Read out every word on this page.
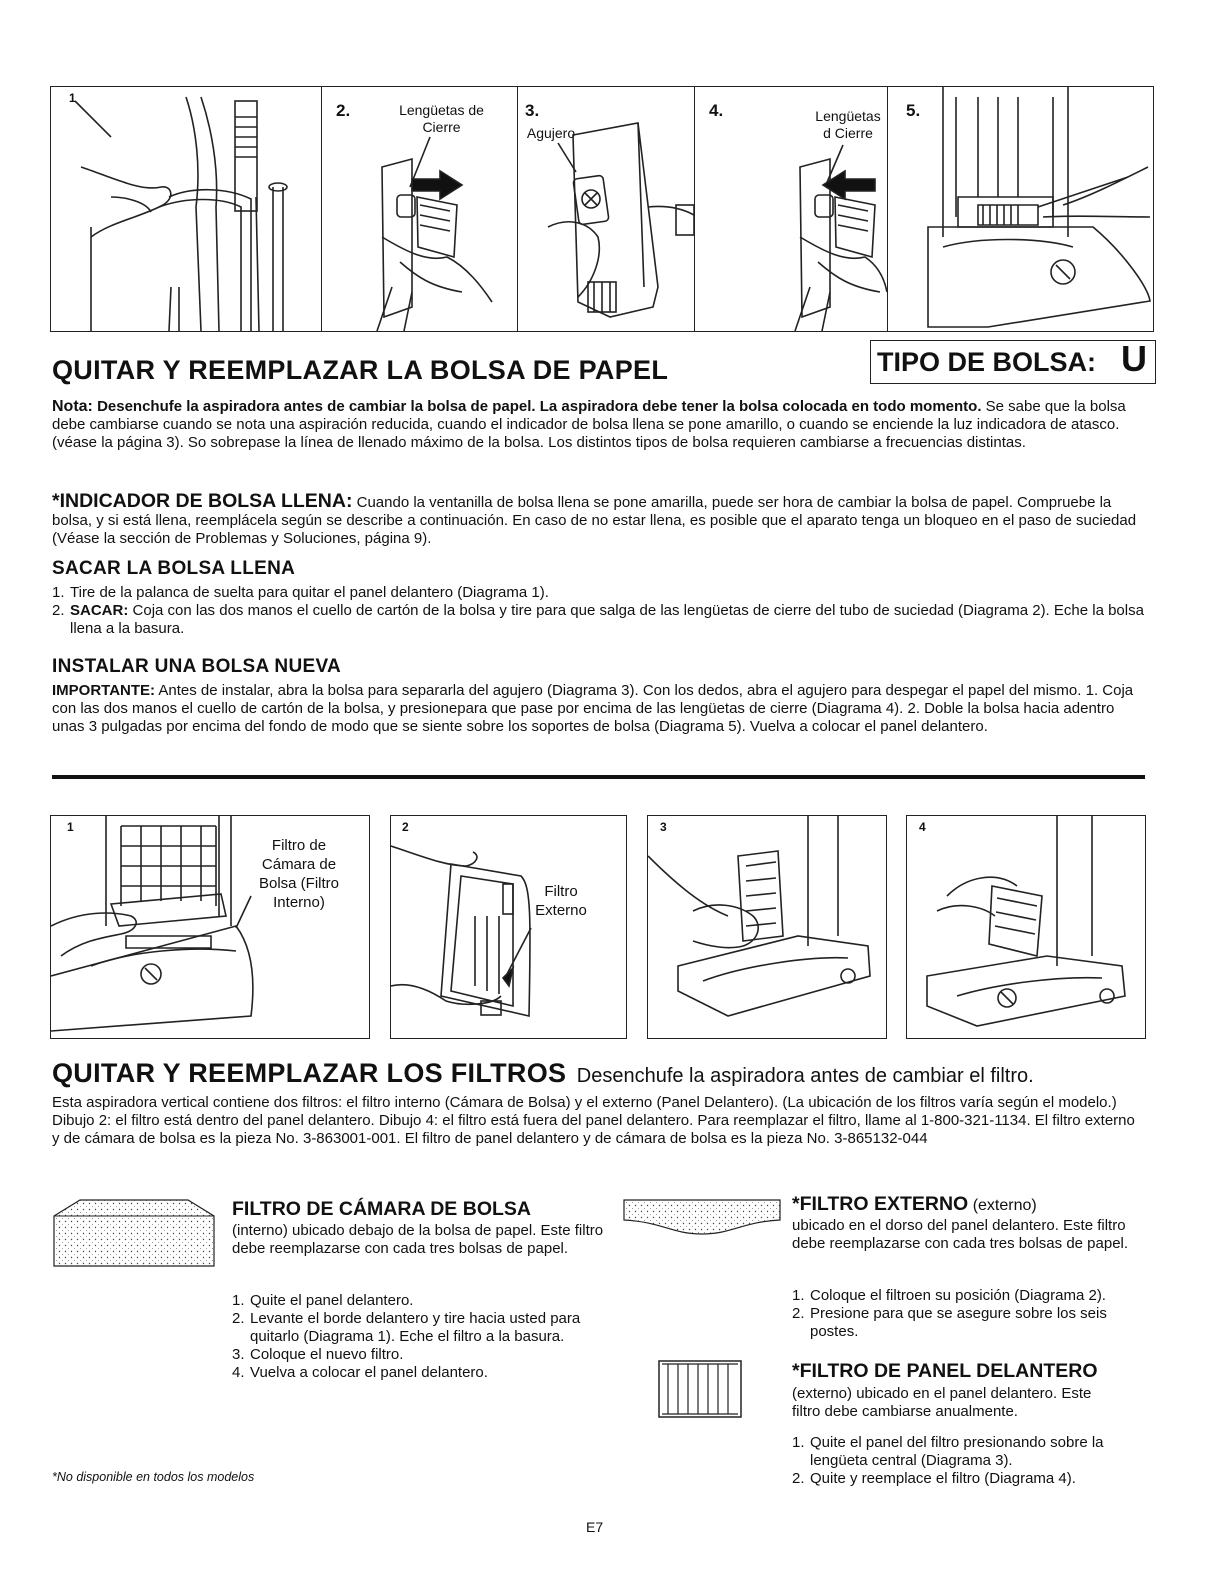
1
2.	Lengüetas de Cierre
3.
Agujero
4.	Lengüetas d Cierre
5.
QUITAR Y REEMPLAZAR LA BOLSA DE PAPEL	TIPO DE BOLSA: U
Nota: Desenchufe la aspiradora antes de cambiar la bolsa de papel. La aspiradora debe tener la bolsa colocada en todo momento. Se sabe que la bolsa debe cambiarse cuando se nota una aspiración reducida, cuando el indicador de bolsa llena se pone amarillo, o cuando se enciende la luz indicadora de atasco. (véase la página 3). So sobrepase la línea de llenado máximo de la bolsa. Los distintos tipos de bolsa requieren cambiarse a frecuencias distintas.
*INDICADOR DE BOLSA LLENA: Cuando la ventanilla de bolsa llena se pone amarilla, puede ser hora de cambiar la bolsa de papel. Compruebe la bolsa, y si está llena, reemplácela según se describe a continuación. En caso de no estar llena, es posible que el aparato tenga un bloqueo en el paso de suciedad (Véase la sección de Problemas y Soluciones, página 9).
SACAR LA BOLSA LLENA
1. Tire de la palanca de suelta para quitar el panel delantero (Diagrama 1).
2. SACAR: Coja con las dos manos el cuello de cartón de la bolsa y tire para que salga de las lengüetas de cierre del tubo de suciedad (Diagrama 2). Eche la bolsa llena a la basura.
INSTALAR UNA BOLSA NUEVA
IMPORTANTE: Antes de instalar, abra la bolsa para separarla del agujero (Diagrama 3). Con los dedos, abra el agujero para despegar el papel del mismo. 1. Coja con las dos manos el cuello de cartón de la bolsa, y presionepara que pase por encima de las lengüetas de cierre (Diagrama 4). 2. Doble la bolsa hacia adentro unas 3 pulgadas por encima del fondo de modo que se siente sobre los soportes de bolsa (Diagrama 5). Vuelva a colocar el panel delantero.
1
Filtro de Cámara de Bolsa (Filtro Interno)
2
Filtro Externo
3	4
QUITAR Y REEMPLAZAR LOS FILTROS Desenchufe la aspiradora antes de cambiar el filtro.
Esta aspiradora vertical contiene dos filtros: el filtro interno (Cámara de Bolsa) y el externo (Panel Delantero). (La ubicación de los filtros varía según el modelo.) Dibujo 2: el filtro está dentro del panel delantero. Dibujo 4: el filtro está fuera del panel delantero. Para reemplazar el filtro, llame al 1-800-321-1134. El filtro externo y de cámara de bolsa es la pieza No. 3-863001-001. El filtro de panel delantero y de cámara de bolsa es la pieza No. 3-865132-044
FILTRO DE CÁMARA DE BOLSA
(interno) ubicado debajo de la bolsa de papel. Este filtro debe reemplazarse con cada tres bolsas de papel.
1. Quite el panel delantero.
2. Levante el borde delantero y tire hacia usted para quitarlo (Diagrama 1). Eche el filtro a la basura.
3. Coloque el nuevo filtro.
4. Vuelva a colocar el panel delantero.
*FILTRO EXTERNO (externo)
ubicado en el dorso del panel delantero. Este filtro debe reemplazarse con cada tres bolsas de papel.
1. Coloque el filtroen su posición (Diagrama 2).
2. Presione para que se asegure sobre los seis postes.
*FILTRO DE PANEL DELANTERO
(externo) ubicado en el panel delantero. Este filtro debe cambiarse anualmente.
1. Quite el panel del filtro presionando sobre la lengüeta central (Diagrama 3).
2. Quite y reemplace el filtro (Diagrama 4).
*No disponible en todos los modelos
E7
